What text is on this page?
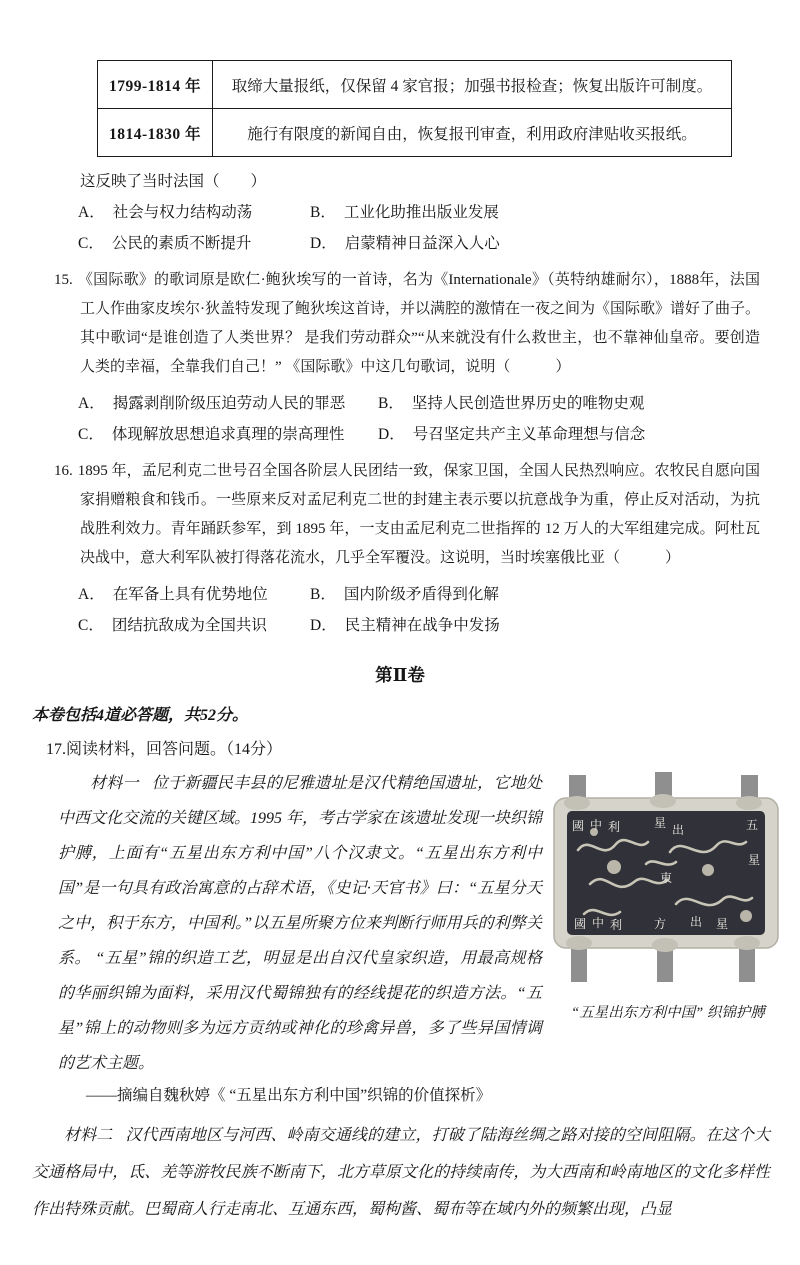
1799-1814 年	取缔大量报纸，仅保留 4 家官报；加强书报检查；恢复出版许可制度。
1814-1830 年	施行有限度的新闻自由，恢复报刊审查，利用政府津贴收买报纸。
这反映了当时法国（　　）
A． 社会与权力结构动荡	B． 工业化助推出版业发展
C． 公民的素质不断提升	D． 启蒙精神日益深入人心

15. 《国际歌》的歌词原是欧仁·鲍狄埃写的一首诗，名为《Internationale》（英特纳雄耐尔），1888年，法国工人作曲家皮埃尔·狄盖特发现了鲍狄埃这首诗，并以满腔的激情在一夜之间为《国际歌》谱好了曲子。其中歌词“是谁创造了人类世界？ 是我们劳动群众”“从来就没有什么救世主，也不靠神仙皇帝。要创造人类的幸福，全靠我们自己！” 《国际歌》中这几句歌词，说明（　　　）

A． 揭露剥削阶级压迫劳动人民的罪恶	B． 坚持人民创造世界历史的唯物史观
C． 体现解放思想追求真理的崇高理性	D． 号召坚定共产主义革命理想与信念

16. 1895 年，孟尼利克二世号召全国各阶层人民团结一致，保家卫国，全国人民热烈响应。农牧民自愿向国家捐赠粮食和钱币。一些原来反对孟尼利克二世的封建主表示要以抗意战争为重，停止反对活动，为抗战胜利效力。青年踊跃参军，到 1895 年，一支由孟尼利克二世指挥的 12 万人的大军组建完成。阿杜瓦决战中，意大利军队被打得落花流水，几乎全军覆没。这说明，当时埃塞俄比亚（　　　）

A． 在军备上具有优势地位	B． 国内阶级矛盾得到化解
C． 团结抗敌成为全国共识	D． 民主精神在战争中发扬
第Ⅱ卷
本卷包括4道必答题，共52分。
17.阅读材料，回答问题。（14分）
材料一 位于新疆民丰县的尼雅遗址是汉代精绝国遗址，它地处中西文化交流的关键区域。1995 年，考古学家在该遗址发现一块织锦护膊，上面有“五星出东方利中国”八个汉隶文。“五星出东方利中国”是一句具有政治寓意的占辞术语，《史记·天官书》曰：“五星分天之中，积于东方，中国利。”以五星所聚方位来判断行师用兵的利弊关系。 “五星”锦的织造工艺，明显是出自汉代皇家织造，用最高规格的华丽织锦为面料，采用汉代蜀锦独有的经线提花的织造方法。“五星”锦上的动物则多为远方贡纳或神化的珍禽异兽，多了些异国情调的艺术主题。
國 中 利	星 出	五
星
東
國 中 利	方 出 星
“五星出东方利中国” 织锦护膊
——摘编自魏秋婷《 “五星出东方利中国”织锦的价值探析》
材料二 汉代西南地区与河西、岭南交通线的建立，打破了陆海丝绸之路对接的空间阻隔。在这个大交通格局中，氐、羌等游牧民族不断南下，北方草原文化的持续南传，为大西南和岭南地区的文化多样性作出特殊贡献。巴蜀商人行走南北、互通东西，蜀枸酱、蜀布等在域内外的频繁出现，凸显
